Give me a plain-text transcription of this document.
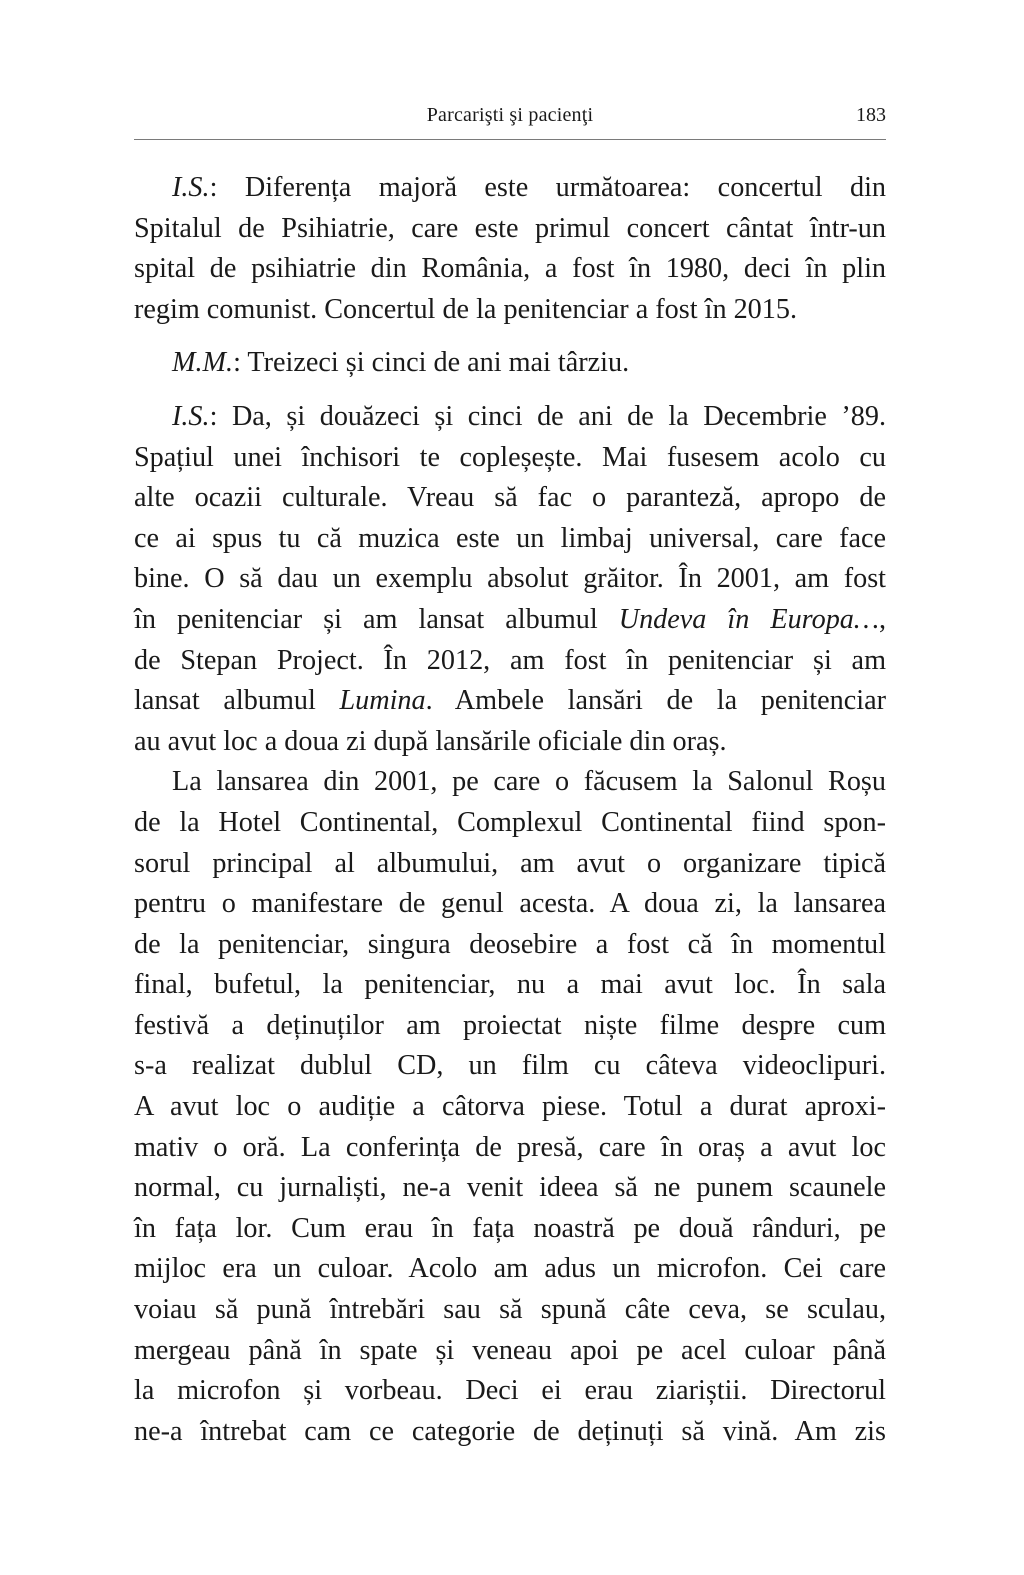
Parcarişti şi pacienţi	183
I.S.: Diferența majoră este următoarea: concertul din
Spitalul de Psihiatrie, care este primul concert cântat într-un
spital de psihiatrie din România, a fost în 1980, deci în plin
regim comunist. Concertul de la penitenciar a fost în 2015.
M.M.: Treizeci și cinci de ani mai târziu.
I.S.: Da, și douăzeci și cinci de ani de la Decembrie ’89.
Spațiul unei închisori te copleșește. Mai fusesem acolo cu
alte ocazii culturale. Vreau să fac o paranteză, apropo de
ce ai spus tu că muzica este un limbaj universal, care face
bine. O să dau un exemplu absolut grăitor. În 2001, am fost
în penitenciar și am lansat albumul Undeva în Europa…,
de Stepan Project. În 2012, am fost în penitenciar și am
lansat albumul Lumina. Ambele lansări de la penitenciar
au avut loc a doua zi după lansările oficiale din oraș.
La lansarea din 2001, pe care o făcusem la Salonul Roșu
de la Hotel Continental, Complexul Continental fiind spon-
sorul principal al albumului, am avut o organizare tipică
pentru o manifestare de genul acesta. A doua zi, la lansarea
de la penitenciar, singura deosebire a fost că în momentul
final, bufetul, la penitenciar, nu a mai avut loc. În sala
festivă a deținuților am proiectat niște filme despre cum
s-a realizat dublul CD, un film cu câteva videoclipuri.
A avut loc o audiție a câtorva piese. Totul a durat aproxi-
mativ o oră. La conferința de presă, care în oraș a avut loc
normal, cu jurnaliști, ne-a venit ideea să ne punem scaunele
în fața lor. Cum erau în fața noastră pe două rânduri, pe
mijloc era un culoar. Acolo am adus un microfon. Cei care
voiau să pună întrebări sau să spună câte ceva, se sculau,
mergeau până în spate și veneau apoi pe acel culoar până
la microfon și vorbeau. Deci ei erau ziariștii. Directorul
ne-a întrebat cam ce categorie de deținuți să vină. Am zis
